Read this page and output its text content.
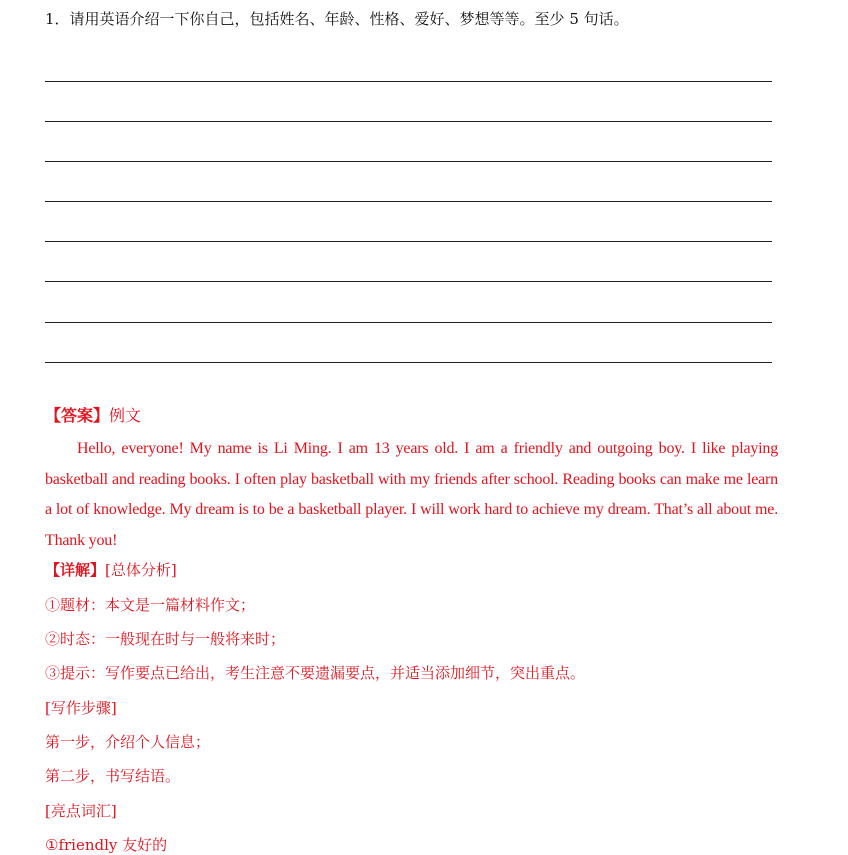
1．请用英语介绍一下你自己，包括姓名、年龄、性格、爱好、梦想等等。至少 5 句话。
【答案】例文
Hello, everyone! My name is Li Ming. I am 13 years old. I am a friendly and outgoing boy. I like playing basketball and reading books. I often play basketball with my friends after school. Reading books can make me learn a lot of knowledge. My dream is to be a basketball player. I will work hard to achieve my dream. That’s all about me. Thank you!
【详解】[总体分析]
①题材：本文是一篇材料作文；
②时态：一般现在时与一般将来时；
③提示：写作要点已给出，考生注意不要遗漏要点，并适当添加细节，突出重点。
[写作步骤]
第一步，介绍个人信息；
第二步，书写结语。
[亮点词汇]
①friendly 友好的
